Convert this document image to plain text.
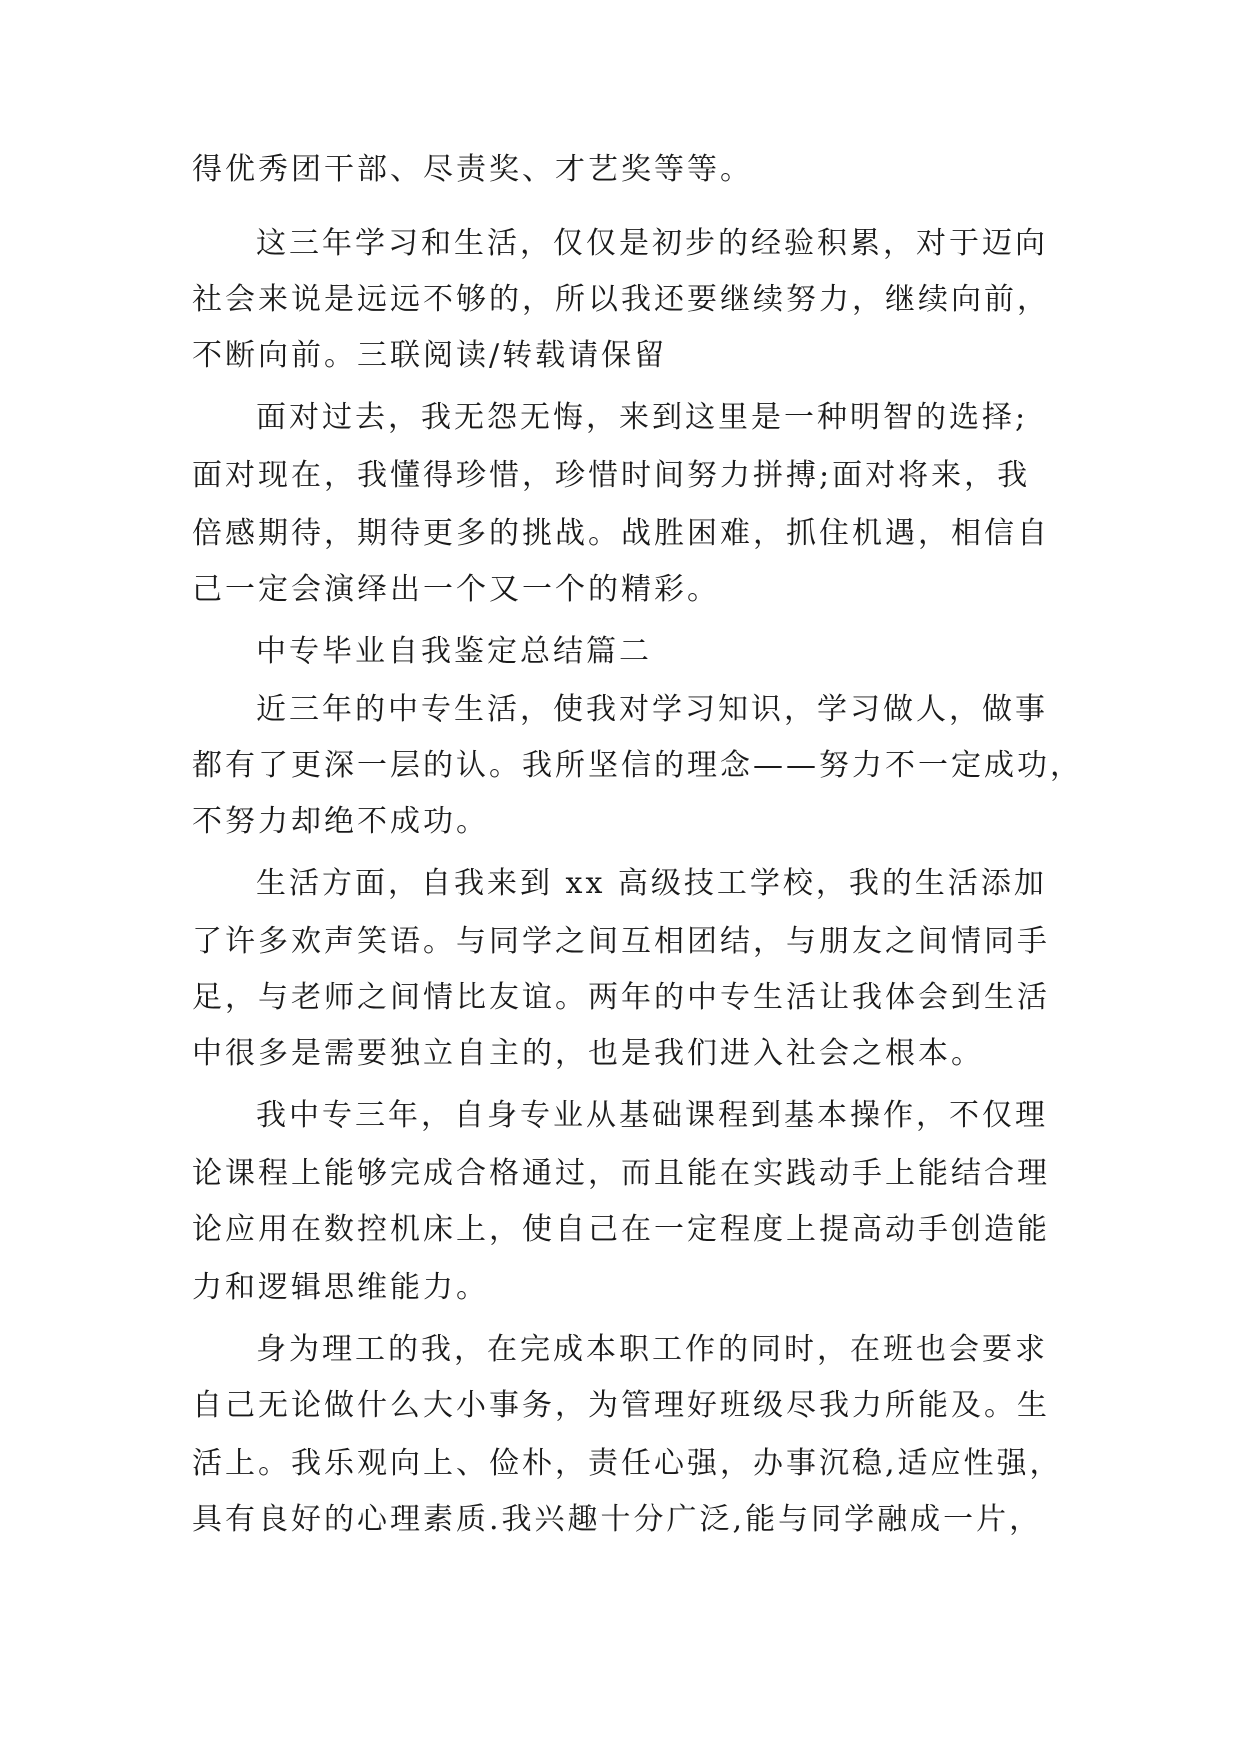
得优秀团干部、尽责奖、才艺奖等等。
这三年学习和生活，仅仅是初步的经验积累，对于迈向
社会来说是远远不够的，所以我还要继续努力，继续向前，
不断向前。三联阅读/转载请保留
面对过去，我无怨无悔，来到这里是一种明智的选择;
面对现在，我懂得珍惜，珍惜时间努力拼搏;面对将来，我
倍感期待，期待更多的挑战。战胜困难，抓住机遇，相信自
己一定会演绎出一个又一个的精彩。
中专毕业自我鉴定总结篇二
近三年的中专生活，使我对学习知识，学习做人，做事
都有了更深一层的认。我所坚信的理念——努力不一定成功，
不努力却绝不成功。
生活方面，自我来到 xx 高级技工学校，我的生活添加
了许多欢声笑语。与同学之间互相团结，与朋友之间情同手
足，与老师之间情比友谊。两年的中专生活让我体会到生活
中很多是需要独立自主的，也是我们进入社会之根本。
我中专三年，自身专业从基础课程到基本操作，不仅理
论课程上能够完成合格通过，而且能在实践动手上能结合理
论应用在数控机床上，使自己在一定程度上提高动手创造能
力和逻辑思维能力。
身为理工的我，在完成本职工作的同时，在班也会要求
自己无论做什么大小事务，为管理好班级尽我力所能及。生
活上。我乐观向上、俭朴，责任心强，办事沉稳,适应性强，
具有良好的心理素质.我兴趣十分广泛,能与同学融成一片，
